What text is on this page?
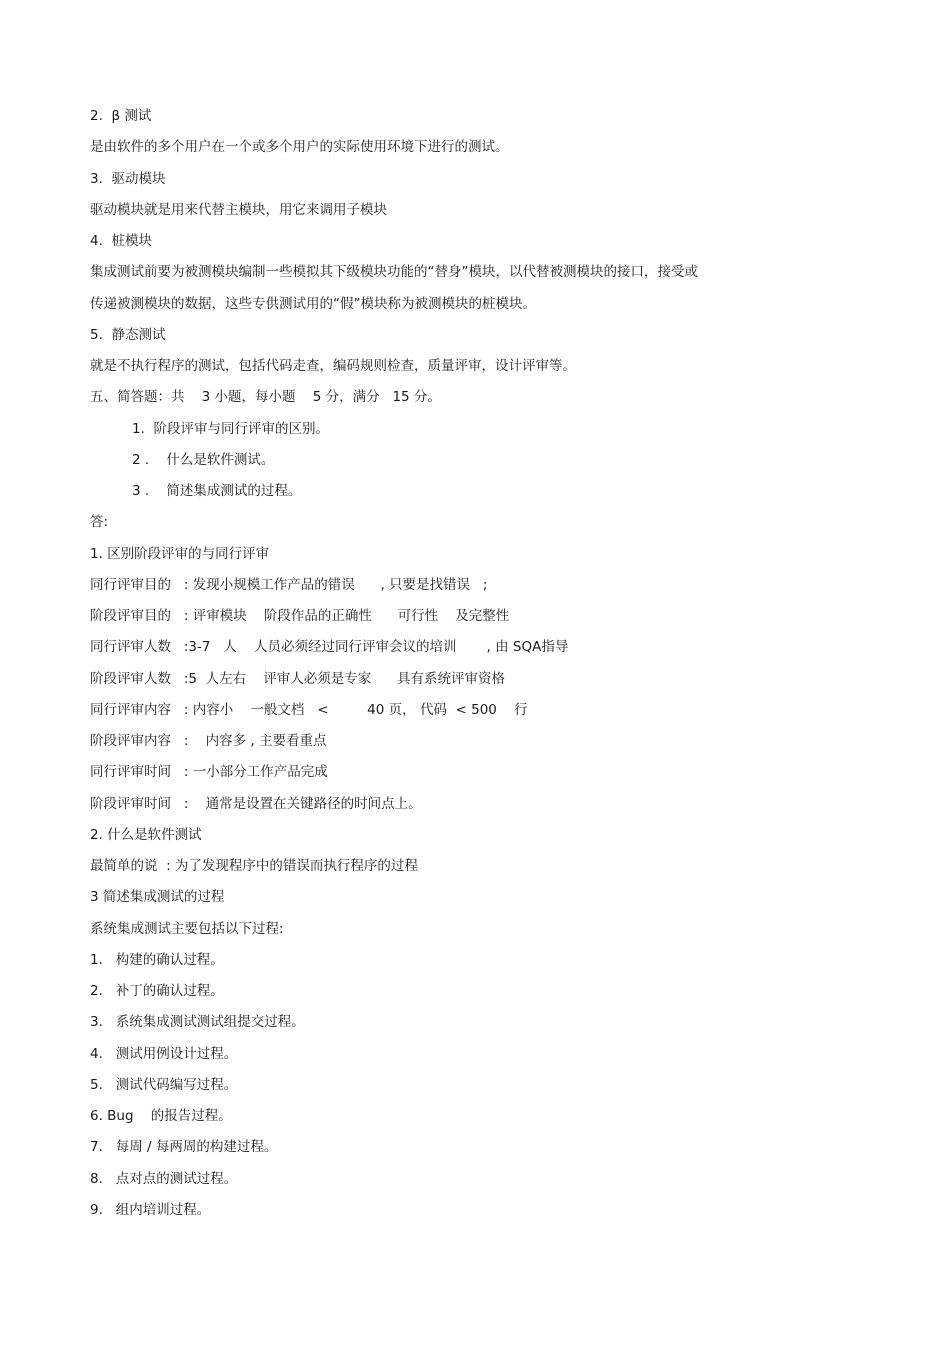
2.  β 测试
是由软件的多个用户在一个或多个用户的实际使用环境下进行的测试。
3.  驱动模块
驱动模块就是用来代替主模块，用它来调用子模块
4.  桩模块
集成测试前要为被测模块编制一些模拟其下级模块功能的“替身”模块，以代替被测模块的接口，接受或
传递被测模块的数据，这些专供测试用的“假”模块称为被测模块的桩模块。
5.  静态测试
就是不执行程序的测试，包括代码走查，编码规则检查，质量评审，设计评审等。
五、简答题：共    3 小题，每小题    5 分，满分   15 分。
1.  阶段评审与同行评审的区别。
2 .    什么是软件测试。
3 .    简述集成测试的过程。
答:
1. 区别阶段评审的与同行评审
同行评审目的   : 发现小规模工作产品的错误      , 只要是找错误   ;
阶段评审目的   : 评审模块    阶段作品的正确性      可行性    及完整性
同行评审人数   :3-7   人    人员必须经过同行评审会议的培训       , 由 SQA指导
阶段评审人数   :5  人左右    评审人必须是专家      具有系统评审资格
同行评审内容   : 内容小    一般文档   <         40 页， 代码  < 500    行
阶段评审内容   :    内容多 , 主要看重点
同行评审时间   : 一小部分工作产品完成
阶段评审时间   :    通常是设置在关键路径的时间点上。
2. 什么是软件测试
最简单的说  : 为了发现程序中的错误而执行程序的过程
3 简述集成测试的过程
系统集成测试主要包括以下过程:
1.   构建的确认过程。
2.   补丁的确认过程。
3.   系统集成测试测试组提交过程。
4.   测试用例设计过程。
5.   测试代码编写过程。
6. Bug    的报告过程。
7.   每周 / 每两周的构建过程。
8.   点对点的测试过程。
9.   组内培训过程。
